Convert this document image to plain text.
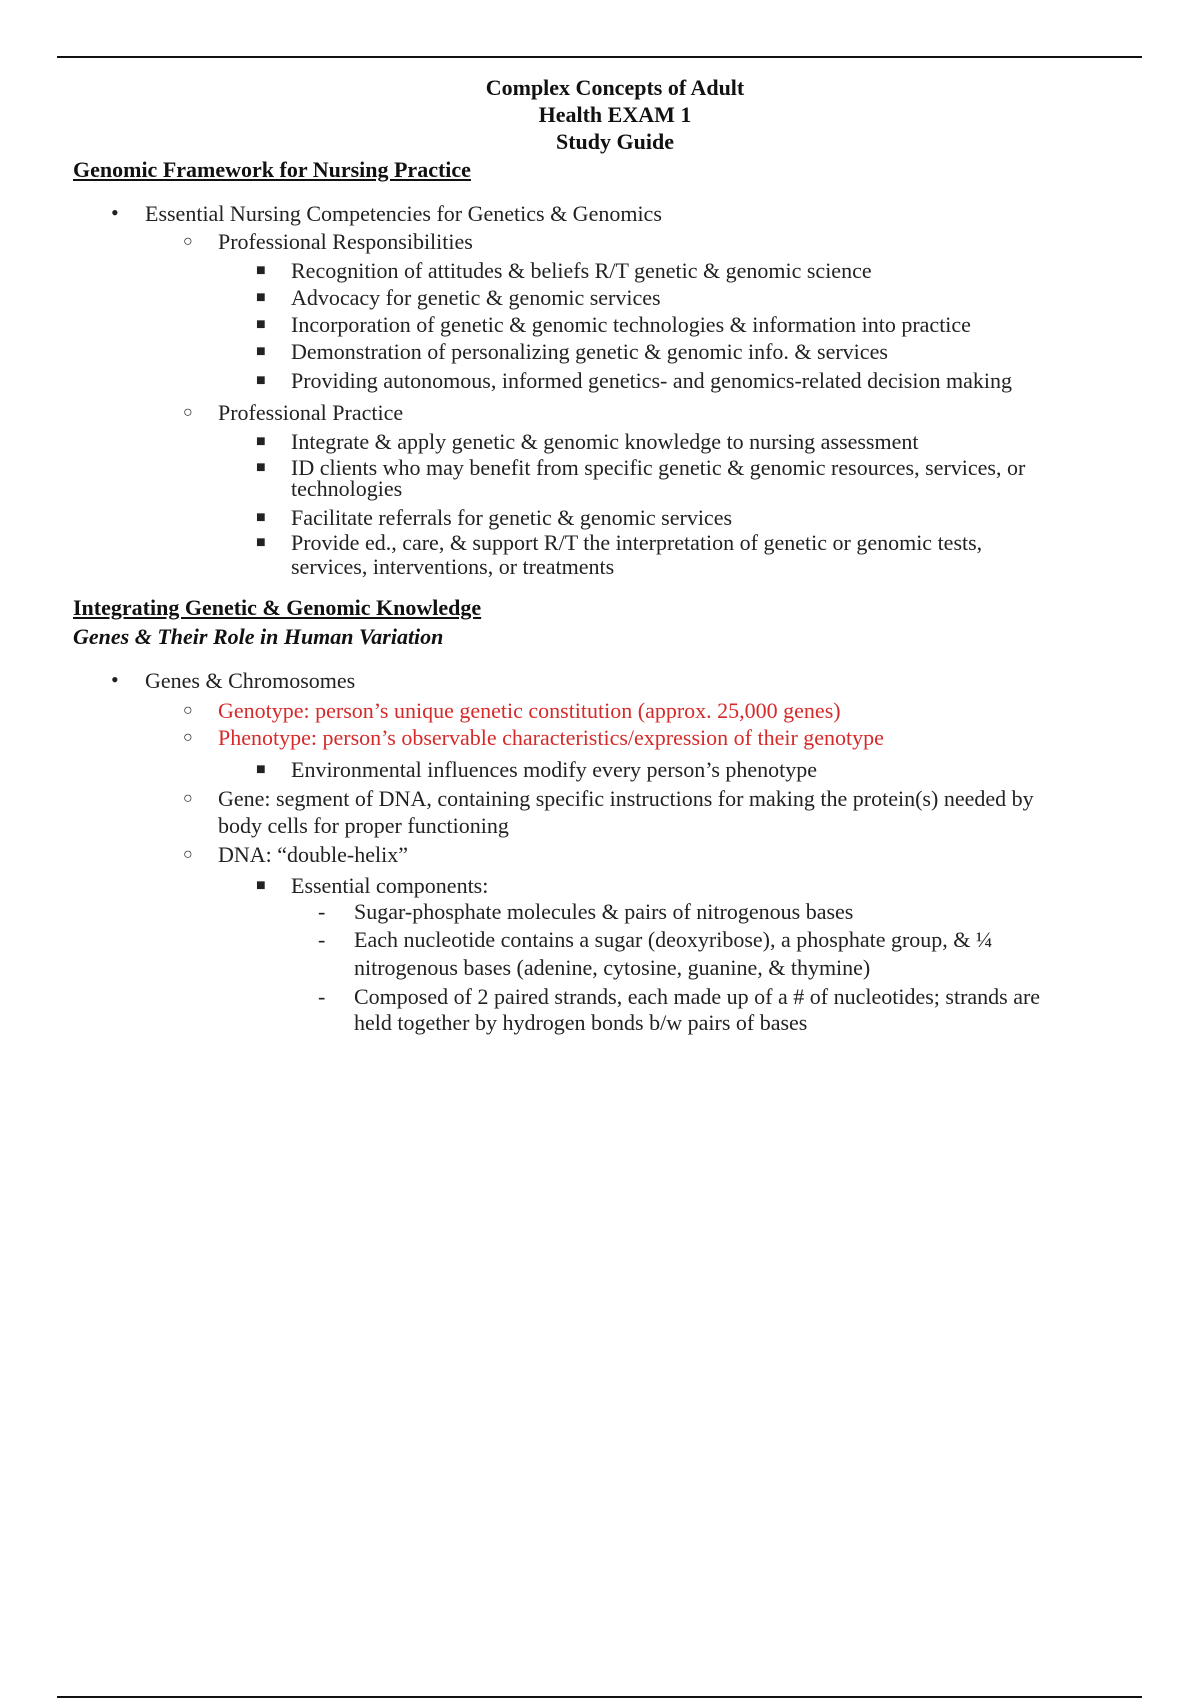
Complex Concepts of Adult
Health EXAM 1
Study Guide
Genomic Framework for Nursing Practice
• Essential Nursing Competencies for Genetics & Genomics
○ Professional Responsibilities
■ Recognition of attitudes & beliefs R/T genetic & genomic science
■ Advocacy for genetic & genomic services
■ Incorporation of genetic & genomic technologies & information into practice
■ Demonstration of personalizing genetic & genomic info. & services
■ Providing autonomous, informed genetics- and genomics-related decision making
○ Professional Practice
■ Integrate & apply genetic & genomic knowledge to nursing assessment
■ ID clients who may benefit from specific genetic & genomic resources, services, or
technologies
■ Facilitate referrals for genetic & genomic services
■ Provide ed., care, & support R/T the interpretation of genetic or genomic tests,
services, interventions, or treatments
Integrating Genetic & Genomic Knowledge
Genes & Their Role in Human Variation
• Genes & Chromosomes
○ Genotype: person’s unique genetic constitution (approx. 25,000 genes)
○ Phenotype: person’s observable characteristics/expression of their genotype
■ Environmental influences modify every person’s phenotype
○ Gene: segment of DNA, containing specific instructions for making the protein(s) needed by
body cells for proper functioning
○ DNA: “double-helix”
■ Essential components:
- Sugar-phosphate molecules & pairs of nitrogenous bases
- Each nucleotide contains a sugar (deoxyribose), a phosphate group, & ¼
nitrogenous bases (adenine, cytosine, guanine, & thymine)
- Composed of 2 paired strands, each made up of a # of nucleotides; strands are
held together by hydrogen bonds b/w pairs of bases
